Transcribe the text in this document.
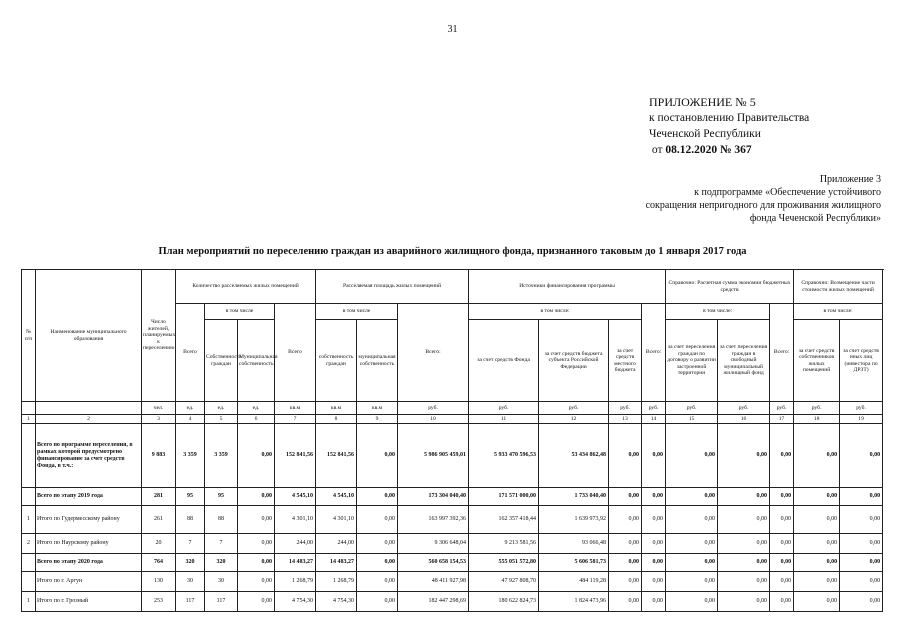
31
ПРИЛОЖЕНИЕ № 5
к постановлению Правительства
Чеченской Республики
от 08.12.2020 № 367
Приложение 3
к подпрограмме «Обеспечение устойчивого
сокращения непригодного для проживания жилищного
фонда Чеченской Республики»
План мероприятий по переселению граждан из аварийного жилищного фонда, признанного таковым до 1 января 2017 года
№ п/п	Наименование муниципального образования	Число жителей, планируемых к переселению	Количество расселяемых жилых помещений				Расселяемая площадь жилых помещений			Источники финансирования программы				Справочно: Расчетная сумма экономии бюджетных средств			Справочно: Возмещение части стоимости жилых помещений	
			Всего	в том числе		Всего	в том числе		Всего:	в том числе:			Всего:	в том числе:		Всего:	в том числе:	
				Собственность граждан	Муниципальная собственность		собственность граждан	муниципальная собственность		за счет средств Фонда	за счет средств бюджета субъекта Российской Федерации	за счет средств местного бюджета		за счет переселения граждан по договору о развитии застроенной территории	за счет переселения граждан в свободный муниципальный жилищный фонд		за счет средств собственников жилых помещений	за счет средств иных лиц (инвестора по ДРЗТ)
		чел.	ед.	ед.	ед.	кв.м	кв.м	кв.м	руб.	руб.	руб.	руб.	руб.	руб.	руб.	руб.	руб.	руб.
1	2	3	4	5	6	7	8	9	10	11	12	13	14	15	16	17	18	19
	Всего по программе переселения, в рамках которой предусмотрено финансирование за счет средств Фонда, в т.ч.:	9 883	3 359	3 359	0,00	152 841,56	152 841,56	0,00	5 986 905 459,01	5 933 470 596,53	53 434 862,48	0,00	0,00	0,00	0,00	0,00	0,00	0,00
	Всего по этапу 2019 года	281	95	95	0,00	4 545,10	4 545,10	0,00	173 304 040,40	171 571 000,00	1 733 040,40	0,00	0,00	0,00	0,00	0,00	0,00	0,00
1	Итого по Гудермесскому району	261	88	88	0,00	4 301,10	4 301,10	0,00	163 997 392,36	162 357 418,44	1 639 973,92	0,00	0,00	0,00	0,00	0,00	0,00	0,00
2	Итого по Наурскому району	20	7	7	0,00	244,00	244,00	0,00	9 306 648,04	9 213 581,56	93 066,48	0,00	0,00	0,00	0,00	0,00	0,00	0,00
	Всего по этапу 2020 года	764	320	320	0,00	14 483,27	14 483,27	0,00	560 658 154,53	555 051 572,80	5 606 581,73	0,00	0,00	0,00	0,00	0,00	0,00	0,00
	Итого по г. Аргун	130	30	30	0,00	1 268,79	1 268,79	0,00	48 411 927,98	47 927 808,70	484 119,28	0,00	0,00	0,00	0,00	0,00	0,00	0,00
1	Итого по г. Грозный	253	117	117	0,00	4 754,30	4 754,30	0,00	182 447 298,69	180 622 824,73	1 824 473,96	0,00	0,00	0,00	0,00	0,00	0,00	0,00
